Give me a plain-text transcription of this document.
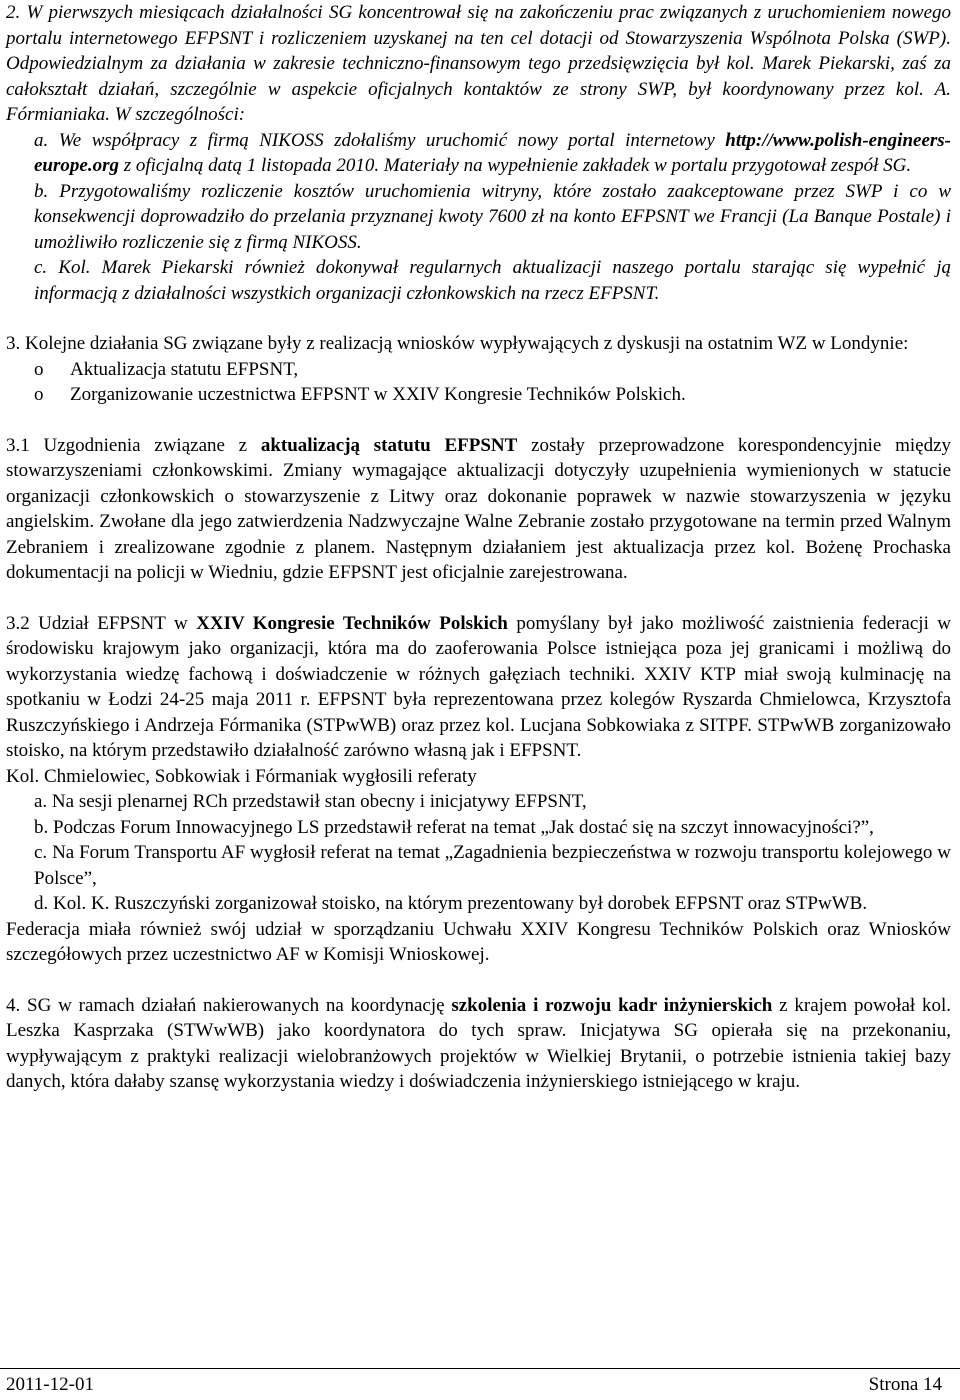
2. W pierwszych miesiącach działalności SG koncentrował się na zakończeniu prac związanych z uruchomieniem nowego portalu internetowego EFPSNT i rozliczeniem uzyskanej na ten cel dotacji od Stowarzyszenia Wspólnota Polska (SWP). Odpowiedzialnym za działania w zakresie techniczno-finansowym tego przedsięwzięcia był kol. Marek Piekarski, zaś za całokształt działań, szczególnie w aspekcie oficjalnych kontaktów ze strony SWP, był koordynowany przez kol. A. Fórmianiaka. W szczególności:

a. We współpracy z firmą NIKOSS zdołaliśmy uruchomić nowy portal internetowy http://www.polish-engineers-europe.org z oficjalną datą 1 listopada 2010. Materiały na wypełnienie zakładek w portalu przygotował zespół SG.

b. Przygotowaliśmy rozliczenie kosztów uruchomienia witryny, które zostało zaakceptowane przez SWP i co w konsekwencji doprowadziło do przelania przyznanej kwoty 7600 zł na konto EFPSNT we Francji (La Banque Postale) i umożliwiło rozliczenie się z firmą NIKOSS.

c. Kol. Marek Piekarski również dokonywał regularnych aktualizacji naszego portalu starając się wypełnić ją informacją z działalności wszystkich organizacji członkowskich na rzecz EFPSNT.

3. Kolejne działania SG związane były z realizacją wniosków wypływających z dyskusji na ostatnim WZ w Londynie:

o	Aktualizacja statutu EFPSNT,
o	Zorganizowanie uczestnictwa EFPSNT w XXIV Kongresie Techników Polskich.

3.1 Uzgodnienia związane z aktualizacją statutu EFPSNT zostały przeprowadzone korespondencyjnie między stowarzyszeniami członkowskimi. Zmiany wymagające aktualizacji dotyczyły uzupełnienia wymienionych w statucie organizacji członkowskich o stowarzyszenie z Litwy oraz dokonanie poprawek w nazwie stowarzyszenia w języku angielskim. Zwołane dla jego zatwierdzenia Nadzwyczajne Walne Zebranie zostało przygotowane na termin przed Walnym Zebraniem i zrealizowane zgodnie z planem. Następnym działaniem jest aktualizacja przez kol. Bożenę Prochaska dokumentacji na policji w Wiedniu, gdzie EFPSNT jest oficjalnie zarejestrowana.

3.2 Udział EFPSNT w XXIV Kongresie Techników Polskich pomyślany był jako możliwość zaistnienia federacji w środowisku krajowym jako organizacji, która ma do zaoferowania Polsce istniejąca poza jej granicami i możliwą do wykorzystania wiedzę fachową i doświadczenie w różnych gałęziach techniki. XXIV KTP miał swoją kulminację na spotkaniu w Łodzi 24-25 maja 2011 r. EFPSNT była reprezentowana przez kolegów Ryszarda Chmielowca, Krzysztofa Ruszczyńskiego i Andrzeja Fórmanika (STPwWB) oraz przez kol. Lucjana Sobkowiaka z SITPF. STPwWB zorganizowało stoisko, na którym przedstawiło działalność zarówno własną jak i EFPSNT.

Kol. Chmielowiec, Sobkowiak i Fórmaniak wygłosili referaty

a. Na sesji plenarnej RCh przedstawił stan obecny i inicjatywy EFPSNT,

b. Podczas Forum Innowacyjnego LS przedstawił referat na temat „Jak dostać się na szczyt innowacyjności?”,

c. Na Forum Transportu AF wygłosił referat na temat „Zagadnienia bezpieczeństwa w rozwoju transportu kolejowego w Polsce”,

d. Kol. K. Ruszczyński zorganizował stoisko, na którym prezentowany był dorobek EFPSNT oraz STPwWB.

Federacja miała również swój udział w sporządzaniu Uchwału XXIV Kongresu Techników Polskich oraz Wniosków szczegółowych przez uczestnictwo AF w Komisji Wnioskowej.

4. SG w ramach działań nakierowanych na koordynację szkolenia i rozwoju kadr inżynierskich z krajem powołał kol. Leszka Kasprzaka (STWwWB) jako koordynatora do tych spraw. Inicjatywa SG opierała się na przekonaniu, wypływającym z praktyki realizacji wielobranżowych projektów w Wielkiej Brytanii, o potrzebie istnienia takiej bazy danych, która dałaby szansę wykorzystania wiedzy i doświadczenia inżynierskiego istniejącego w kraju.

2011-12-01	Strona 14
